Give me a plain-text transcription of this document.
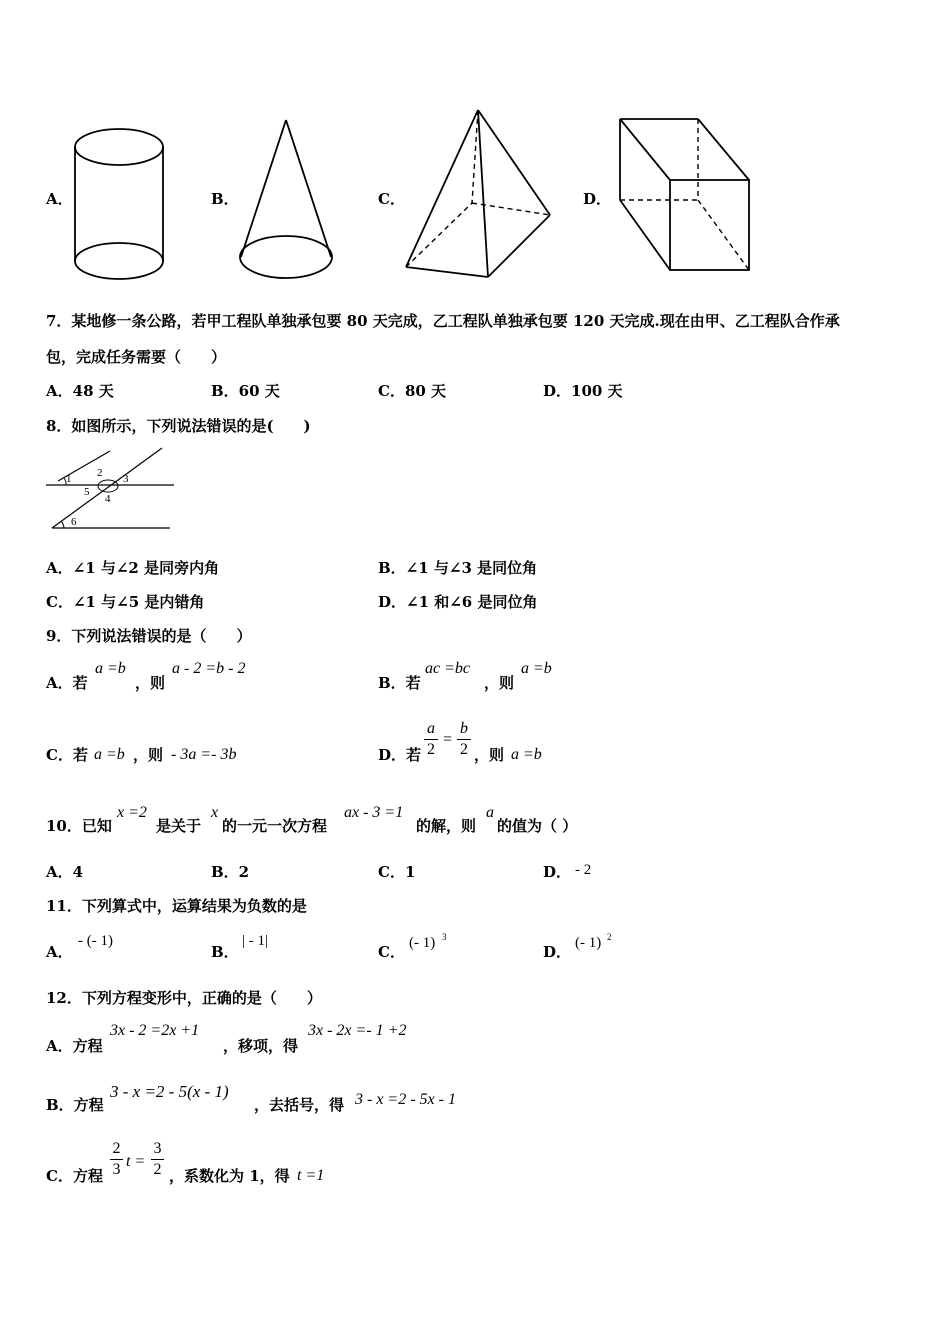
A．	B．	C．	D．
7．某地修一条公路，若甲工程队单独承包要 80 天完成，乙工程队单独承包要 120 天完成.现在由甲、乙工程队合作承
包，完成任务需要（　　）
A．48 天	B．60 天	C．80 天	D．100 天
8．如图所示，下列说法错误的是(　　)
1 2 3
5
4
6
A．∠1 与∠2 是同旁内角	B．∠1 与∠3 是同位角
C．∠1 与∠5 是内错角	D．∠1 和∠6 是同位角
9．下列说法错误的是（　　）
A．若
a =b
，则
a - 2 =b - 2
B．若
ac =bc
，则
a =b
C．若 a =b ，则 - 3a =- 3b	D．若
a
2
=
b
2 ，则 a =b
10．已知
x =2
是关于
x
的一元一次方程
ax - 3 =1
的解，则
a
的值为（ ）
A．4	B．2	C．1	D． - 2
11．下列算式中，运算结果为负数的是
A．
- (- 1)
B．
| - 1|
C． (- 1) 3
D． (- 1) 2
12．下列方程变形中，正确的是（　　）
A．方程
3x - 2 =2x +1
，移项，得
3x - 2x =- 1 +2
B．方程
3 - x =2 - 5(x - 1)
，去括号，得 3 - x =2 - 5x - 1
C．方程
2
3 t =
3
2 ，系数化为 1，得 t =1
